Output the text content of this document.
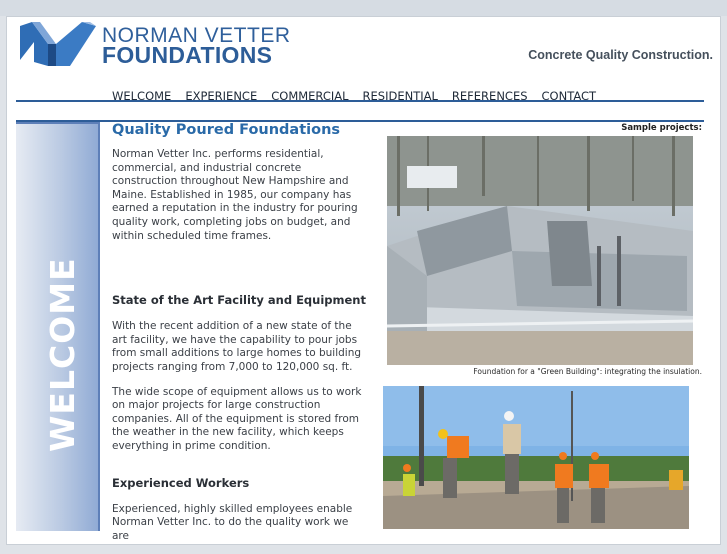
NORMAN VETTER
FOUNDATIONS	Concrete Quality Construction.
WELCOME	EXPERIENCE	COMMERCIAL	RESIDENTIAL	REFERENCES	CONTACT
WELCOME
Quality Poured Foundations

Norman Vetter Inc. performs residential, commercial, and industrial concrete construction throughout New Hampshire and Maine. Established in 1985, our company has earned a reputation in the industry for pouring quality work, completing jobs on budget, and within scheduled time frames.

State of the Art Facility and Equipment

With the recent addition of a new state of the art facility, we have the capability to pour jobs from small additions to large homes to building projects ranging from 7,000 to 120,000 sq. ft.

The wide scope of equipment allows us to work on major projects for large construction companies. All of the equipment is stored from the weather in the new facility, which keeps everything in prime condition.

Experienced Workers

Experienced, highly skilled employees enable Norman Vetter Inc. to do the quality work we are

Sample projects:
Foundation for a "Green Building": integrating the insulation.
